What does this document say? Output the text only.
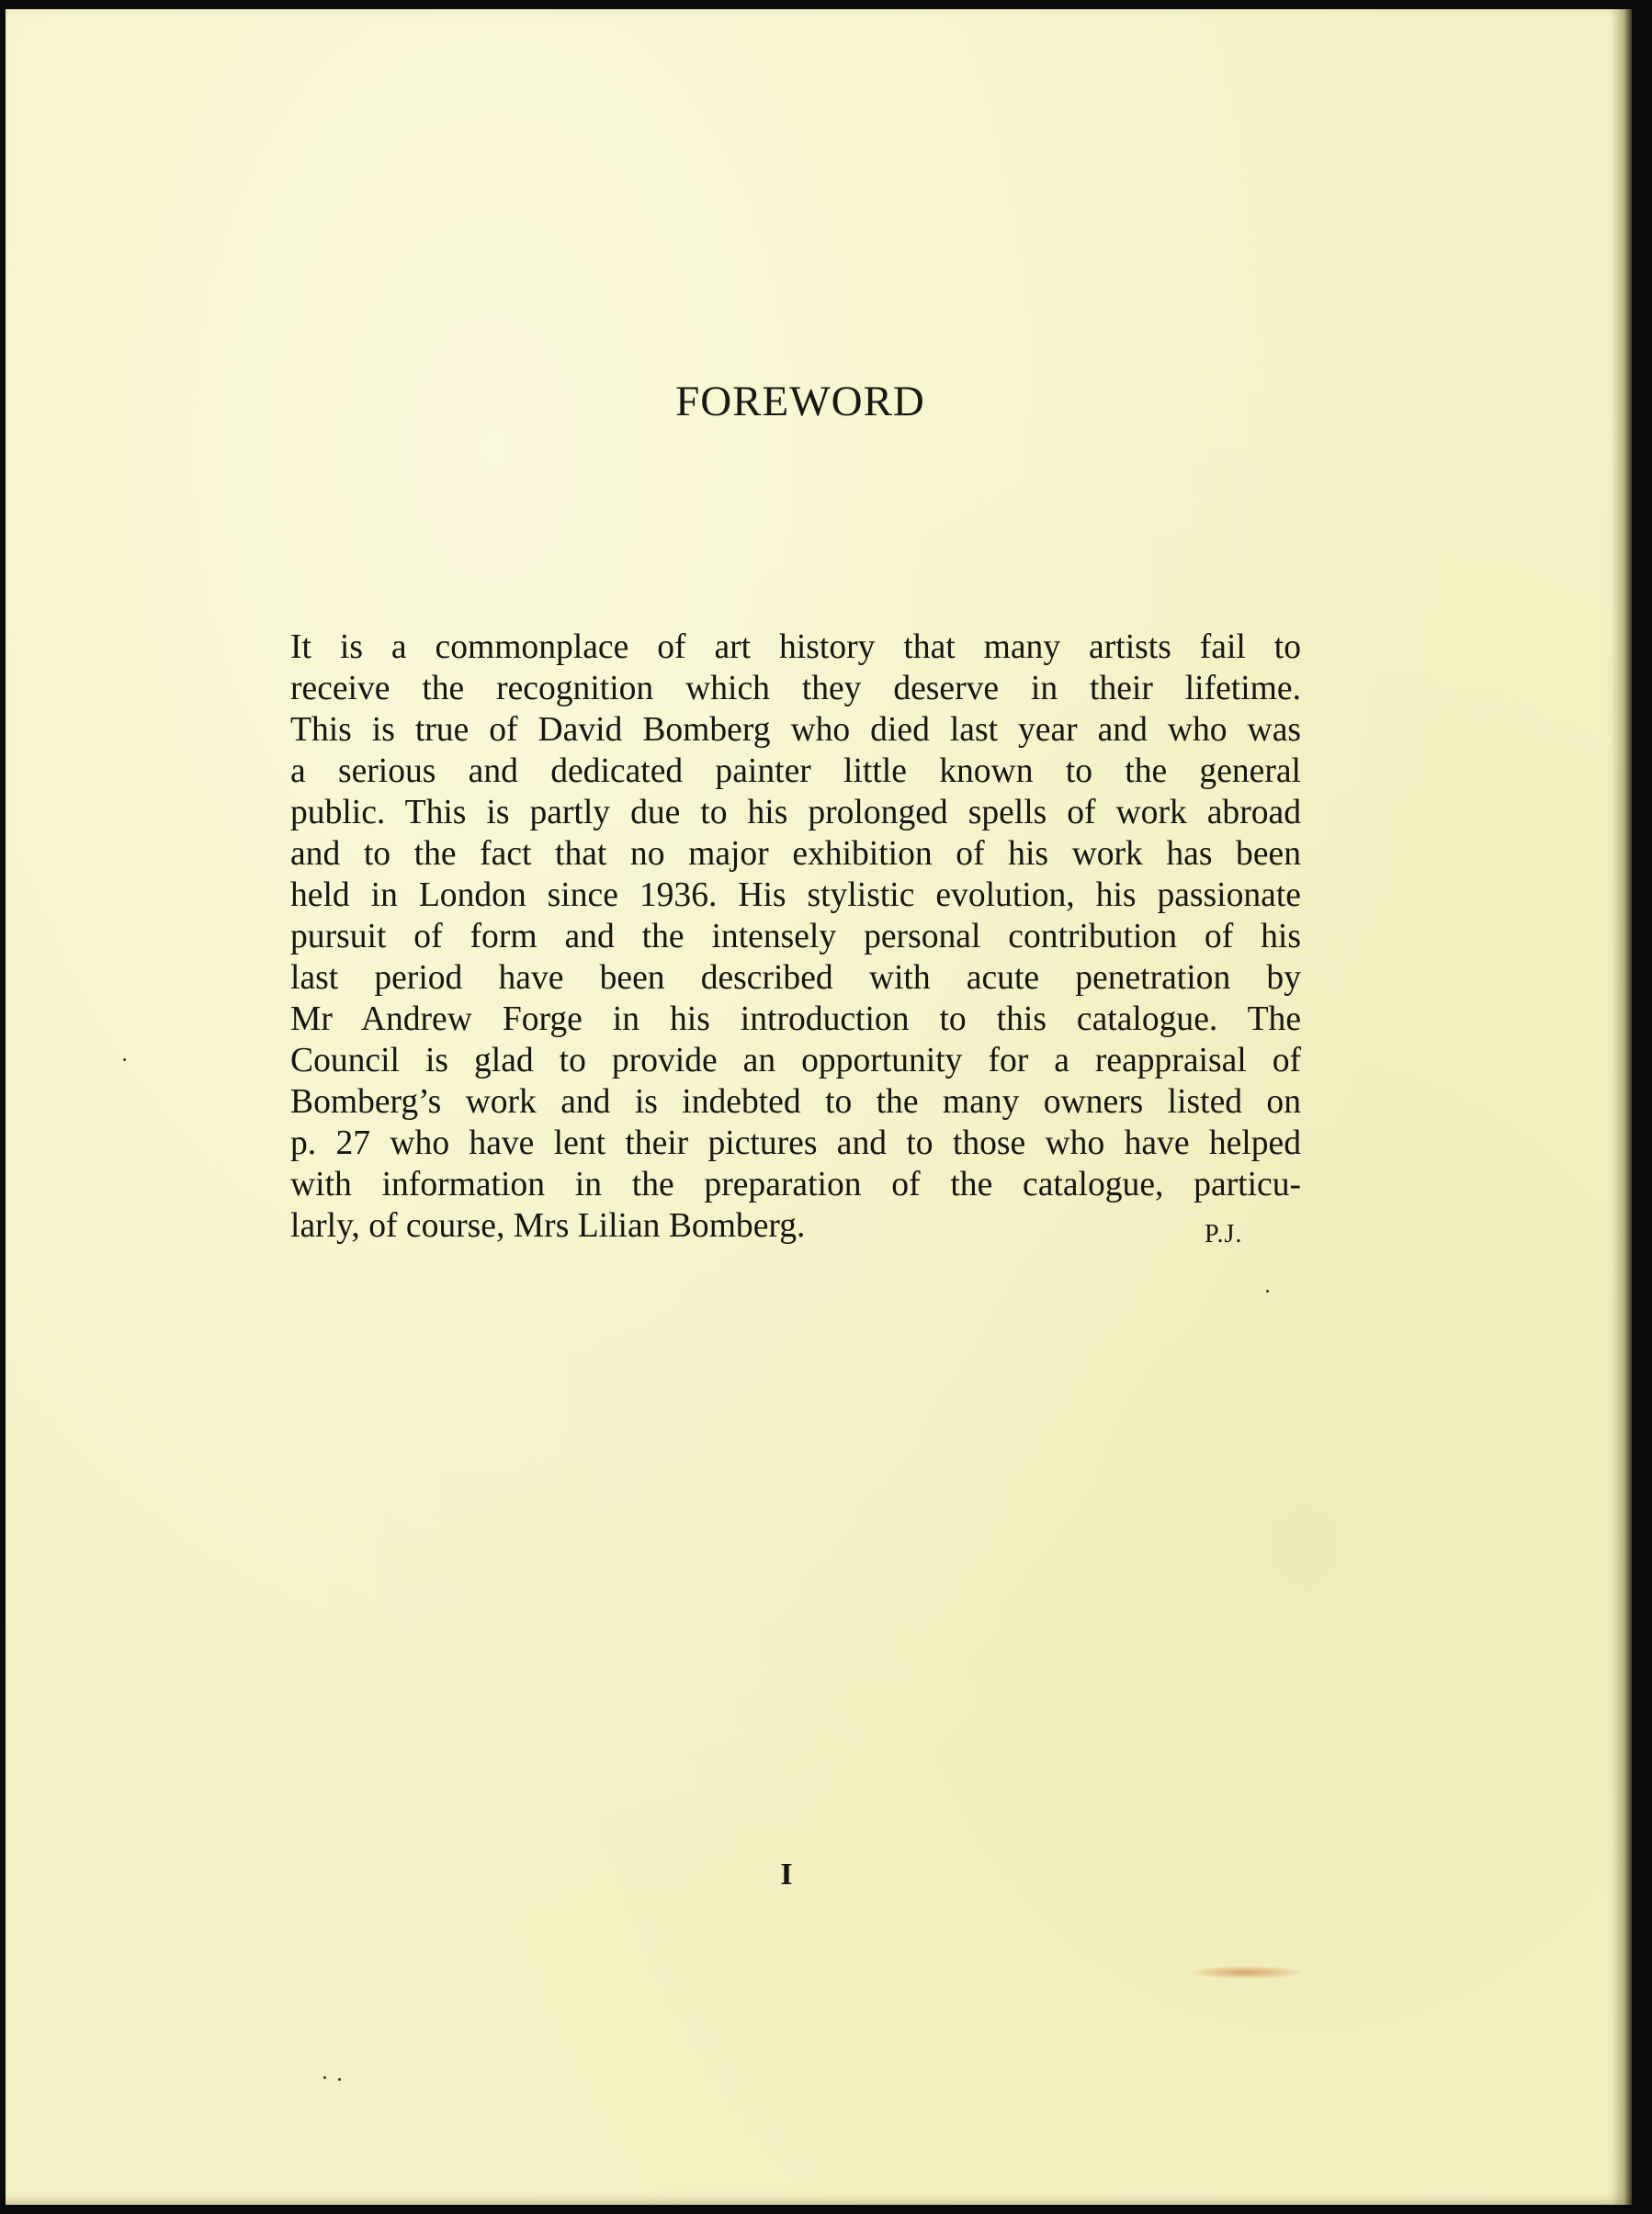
FOREWORD
It is a commonplace of art history that many artists fail to
receive the recognition which they deserve in their lifetime.
This is true of David Bomberg who died last year and who was
a serious and dedicated painter little known to the general
public. This is partly due to his prolonged spells of work abroad
and to the fact that no major exhibition of his work has been
held in London since 1936. His stylistic evolution, his passionate
pursuit of form and the intensely personal contribution of his
last period have been described with acute penetration by
Mr Andrew Forge in his introduction to this catalogue. The
Council is glad to provide an opportunity for a reappraisal of
Bomberg’s work and is indebted to the many owners listed on
p. 27 who have lent their pictures and to those who have helped
with information in the preparation of the catalogue, particu-
larly, of course, Mrs Lilian Bomberg.	P.J.
I
